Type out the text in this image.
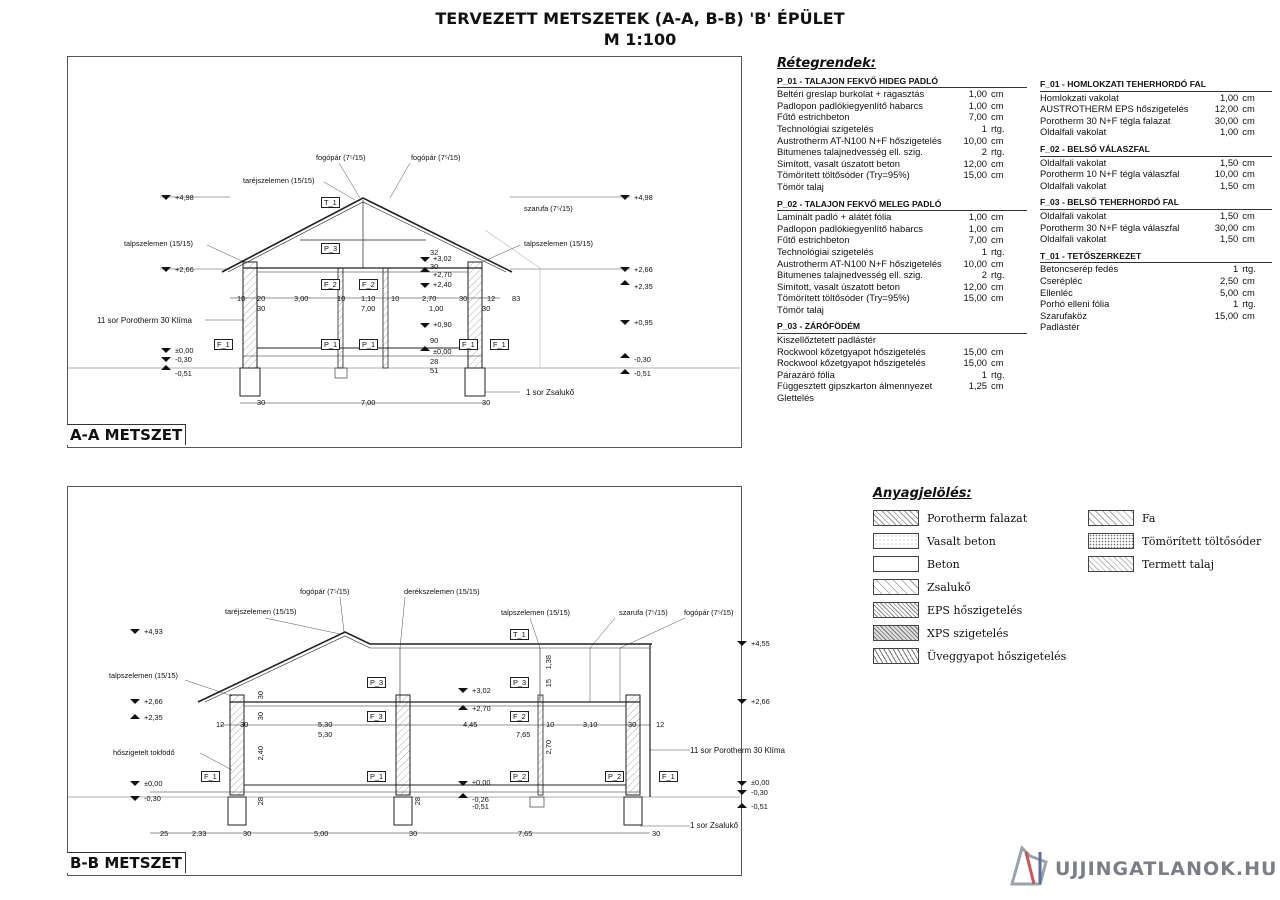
TERVEZETT METSZETEK (A-A, B-B) 'B' ÉPÜLET
M 1:100
fogópár (7⁵/15)	fogópár (7⁵/15)
taréjszelemen (15/15)
szarufa (7⁵/15)
talpszelemen (15/15)	talpszelemen (15/15)
11 sor Porotherm 30 Klíma
1 sor Zsalukő
+4,98
+2,66
±0,00
-0,30
-0,51
+4,98
+2,66
+2,35
+0,95
-0,30
-0,51
+3,02
+2,70
+2,40
+0,90
±0,00
T_1
P_3
F_2	F_2
F_1	P_1	P_1	F_1	F_1
10 20	3,00	10 1,10 10	2,70	30	12 83
30	7,00	30
1,00
30	7,00	30
32
30
90
28
51
fogópár (7⁵/15)	derékszelemen (15/15)
taréjszelemen (15/15)	talpszelemen (15/15)	szarufa (7⁵/15) fogópár (7⁵/15)
talpszelemen (15/15)
hőszigetelt tokfödő	11 sor Porotherm 30 Klíma
1 sor Zsalukő
+4,93
+2,66
+2,35
±0,00
-0,30
+4,55
+2,66
±0,00
-0,30
-0,51
+3,02
+2,70
±0,00
-0,26
-0,51
T_1
P_3	P_3
F_3	F_2
F_1	P_1	P_2	P_2	F_1
12 30	5,30
5,30
4,45
7,65
10	3,10	30	12
2,40	2,70
1,38
15
30
30
28	28
25	2,33	30	5,00	30	7,65	30
A-A METSZET
B-B METSZET
Rétegrendek:
P_01 - TALAJON FEKVŐ HIDEG PADLÓ
Beltéri greslap burkolat + ragasztás	1,00 cm
Padlopon padlókiegyenlítő habarcs	1,00 cm
Fűtő estrichbeton	7,00 cm
Technológiai szigetelés	1 rtg.
Austrotherm AT-N100 N+F hőszigetelés	10,00 cm
Bitumenes talajnedvesség ell. szig.	2 rtg.
Simított, vasalt úszatott beton	12,00 cm
Tömörített töltősóder (Try=95%)	15,00 cm
Tömör talaj
P_02 - TALAJON FEKVŐ MELEG PADLÓ
Laminált padló + alátét fólia	1,00 cm
Padlopon padlókiegyenlítő habarcs	1,00 cm
Fűtő estrichbeton	7,00 cm
Technológiai szigetelés	1 rtg.
Austrotherm AT-N100 N+F hőszigetelés	10,00 cm
Bitumenes talajnedvesség ell. szig.	2 rtg.
Simított, vasalt úszatott beton	12,00 cm
Tömörített töltősóder (Try=95%)	15,00 cm
Tömör talaj
P_03 - ZÁRÓFÖDÉM
Kiszellőztetett padlástér
Rockwool kőzetgyapot hőszigetelés	15,00 cm
Rockwool kőzetgyapot hőszigetelés	15,00 cm
Párazáró fólia	1 rtg.
Függesztett gipszkarton álmennyezet	1,25 cm
Glettelés
F_01 - HOMLOKZATI TEHERHORDÓ FAL
Homlokzati vakolat	1,00 cm
AUSTROTHERM EPS hőszigetelés	12,00 cm
Porotherm 30 N+F tégla falazat	30,00 cm
Oldalfali vakolat	1,00 cm
F_02 - BELSŐ VÁLASZFAL
Oldalfali vakolat	1,50 cm
Porotherm 10 N+F tégla válaszfal	10,00 cm
Oldalfali vakolat	1,50 cm
F_03 - BELSŐ TEHERHORDÓ FAL
Oldalfali vakolat	1,50 cm
Porotherm 30 N+F tégla válaszfal	30,00 cm
Oldalfali vakolat	1,50 cm
T_01 - TETŐSZERKEZET
Betoncserép fedés	1 rtg.
Cserépléc	2,50 cm
Ellenléc	5,00 cm
Porhó elleni fólia	1 rtg.
Szarufaköz	15,00 cm
Padlástér
Anyagjelölés:
Porotherm falazat
Vasalt beton
Beton
Zsalukő
EPS hőszigetelés
XPS szigetelés
Üveggyapot hőszigetelés
Fa
Tömörített töltősóder
Termett talaj
UJJINGATLANOK.HU
